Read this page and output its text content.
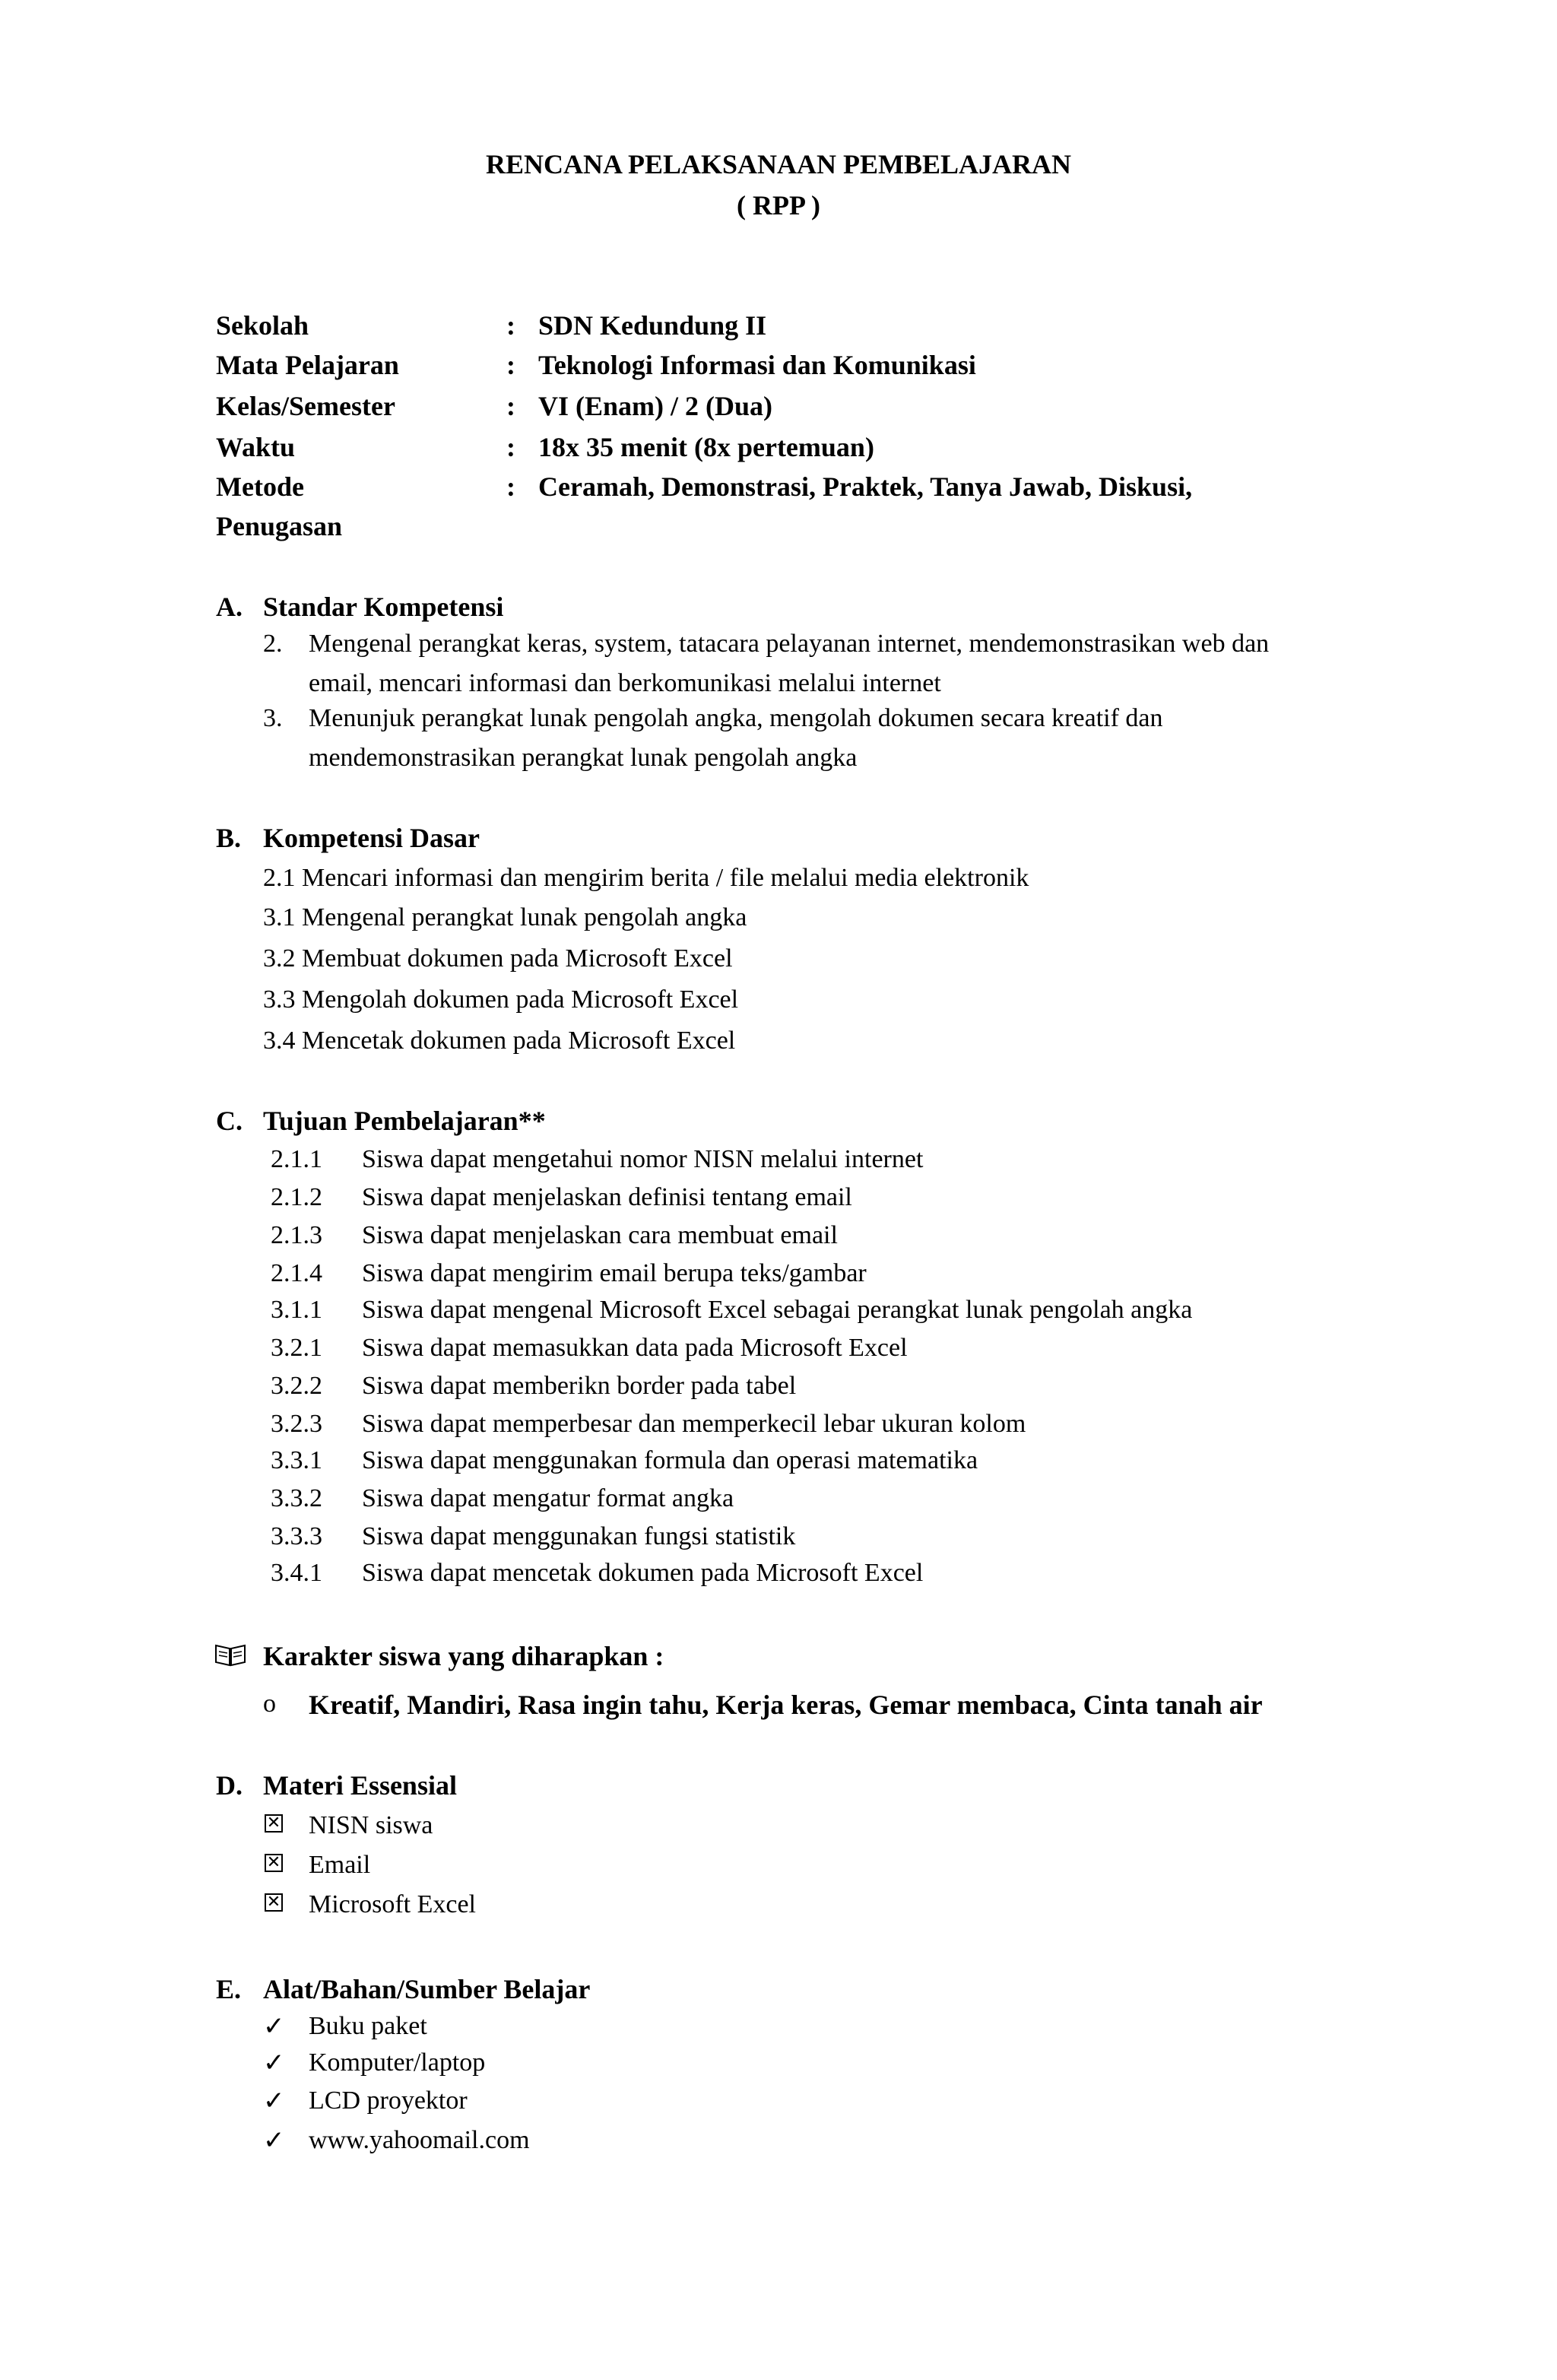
RENCANA PELAKSANAAN PEMBELAJARAN
( RPP )
Sekolah	: SDN Kedundung II
Mata Pelajaran	: Teknologi Informasi dan Komunikasi
Kelas/Semester	: VI (Enam) / 2 (Dua)
Waktu	: 18x 35 menit (8x pertemuan)
Metode	: Ceramah, Demonstrasi, Praktek, Tanya Jawab, Diskusi,
Penugasan
A. Standar Kompetensi
2. Mengenal perangkat keras, system, tatacara pelayanan internet, mendemonstrasikan web dan
email, mencari informasi dan berkomunikasi melalui internet
3. Menunjuk perangkat lunak pengolah angka, mengolah dokumen secara kreatif dan
mendemonstrasikan perangkat lunak pengolah angka
B. Kompetensi Dasar
2.1 Mencari informasi dan mengirim berita / file melalui media elektronik
3.1 Mengenal perangkat lunak pengolah angka
3.2 Membuat dokumen pada Microsoft Excel
3.3 Mengolah dokumen pada Microsoft Excel
3.4 Mencetak dokumen pada Microsoft Excel
C. Tujuan Pembelajaran**
2.1.1 Siswa dapat mengetahui nomor NISN melalui internet
2.1.2 Siswa dapat menjelaskan definisi tentang email
2.1.3 Siswa dapat menjelaskan cara membuat email
2.1.4 Siswa dapat mengirim email berupa teks/gambar
3.1.1 Siswa dapat mengenal Microsoft Excel sebagai perangkat lunak pengolah angka
3.2.1 Siswa dapat memasukkan data pada Microsoft Excel
3.2.2 Siswa dapat memberikn border pada tabel
3.2.3 Siswa dapat memperbesar dan memperkecil lebar ukuran kolom
3.3.1 Siswa dapat menggunakan formula dan operasi matematika
3.3.2 Siswa dapat mengatur format angka
3.3.3 Siswa dapat menggunakan fungsi statistik
3.4.1 Siswa dapat mencetak dokumen pada Microsoft Excel
Karakter siswa yang diharapkan :
o Kreatif, Mandiri, Rasa ingin tahu, Kerja keras, Gemar membaca, Cinta tanah air
D. Materi Essensial
✕ NISN siswa
✕ Email
✕ Microsoft Excel
E. Alat/Bahan/Sumber Belajar
✓ Buku paket
✓ Komputer/laptop
✓ LCD proyektor
✓ www.yahoomail.com
